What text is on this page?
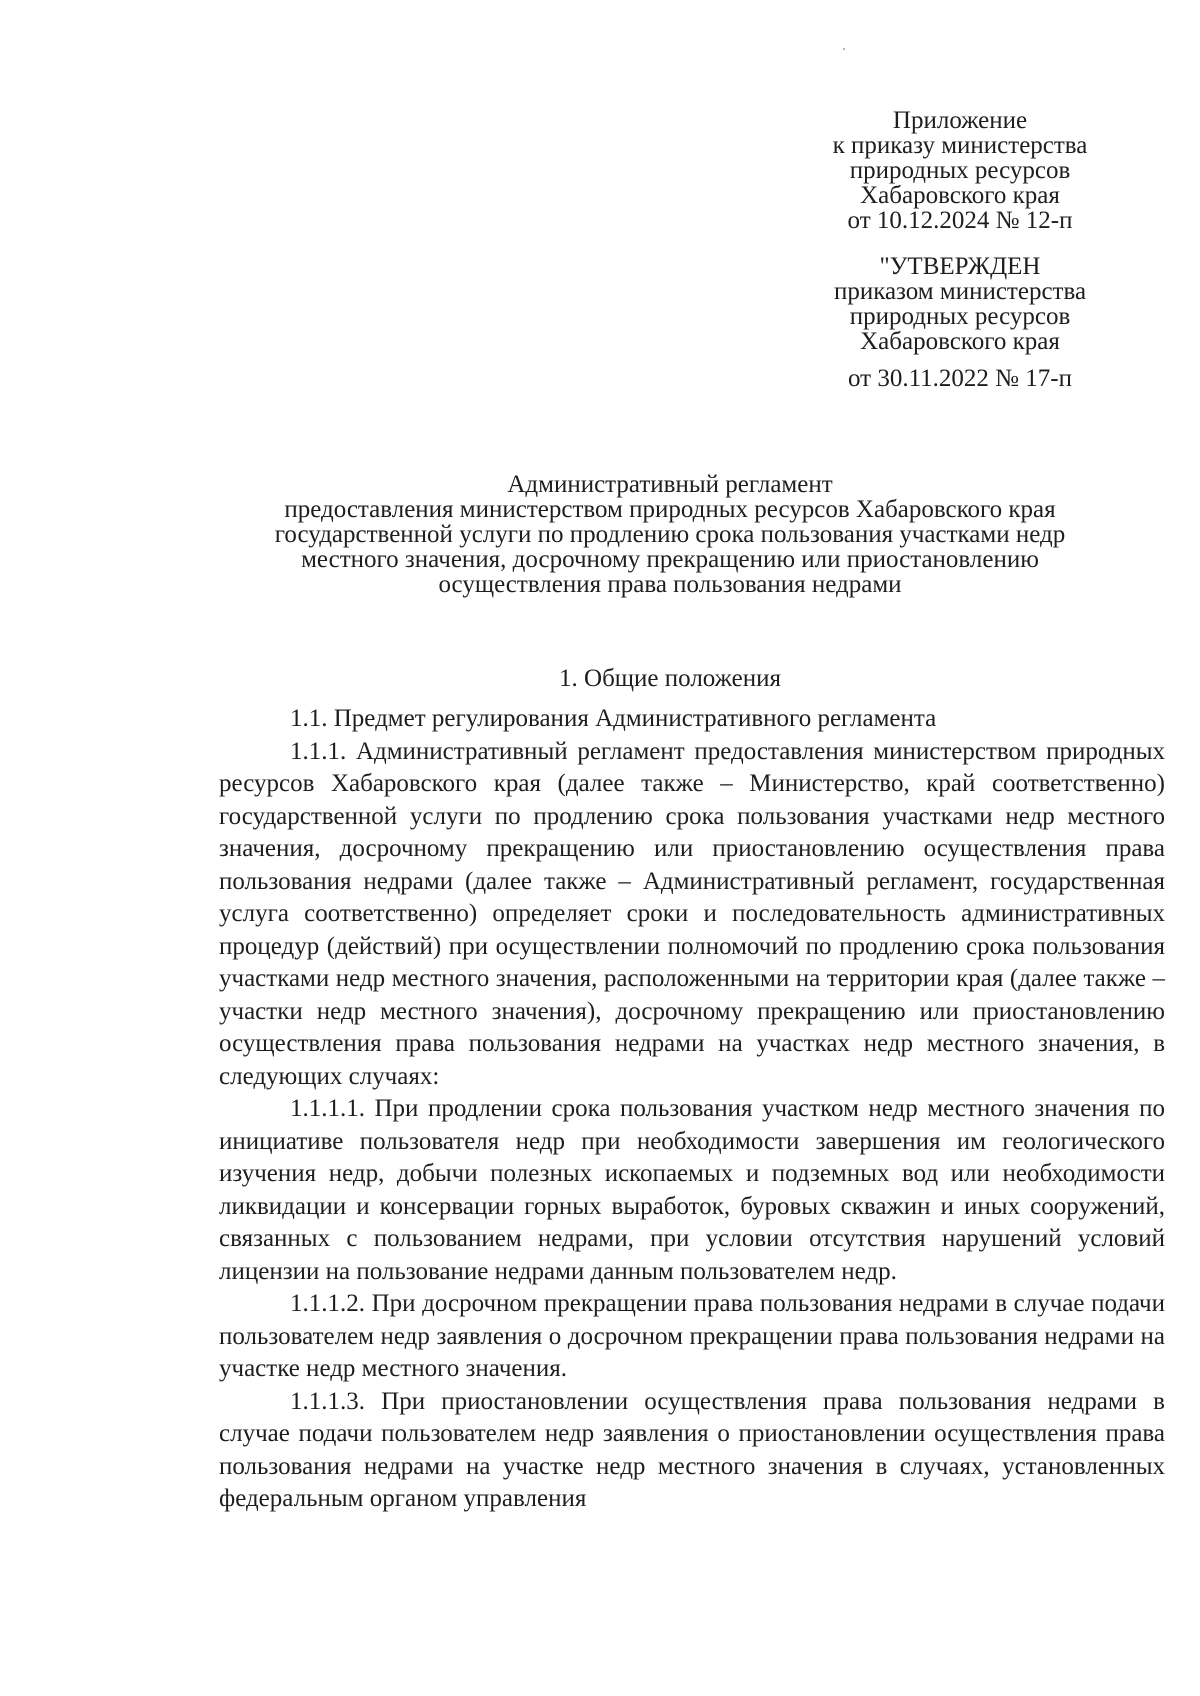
Приложение
к приказу министерства
природных ресурсов
Хабаровского края
от 10.12.2024 № 12-п
"УТВЕРЖДЕН
приказом министерства
природных ресурсов
Хабаровского края
от 30.11.2022 № 17-п
Административный регламент
предоставления министерством природных ресурсов Хабаровского края
государственной услуги по продлению срока пользования участками недр
местного значения, досрочному прекращению или приостановлению
осуществления права пользования недрами
1. Общие положения

1.1. Предмет регулирования Административного регламента

1.1.1. Административный регламент предоставления министерством природных ресурсов Хабаровского края (далее также – Министерство, край соответственно) государственной услуги по продлению срока пользования участками недр местного значения, досрочному прекращению или приостановлению осуществления права пользования недрами (далее также – Административный регламент, государственная услуга соответственно) определяет сроки и последовательность административных процедур (действий) при осуществлении полномочий по продлению срока пользования участками недр местного значения, расположенными на территории края (далее также – участки недр местного значения), досрочному прекращению или приостановлению осуществления права пользования недрами на участках недр местного значения, в следующих случаях:

1.1.1.1. При продлении срока пользования участком недр местного значения по инициативе пользователя недр при необходимости завершения им геологического изучения недр, добычи полезных ископаемых и подземных вод или необходимости ликвидации и консервации горных выработок, буровых скважин и иных сооружений, связанных с пользованием недрами, при условии отсутствия нарушений условий лицензии на пользование недрами данным пользователем недр.

1.1.1.2. При досрочном прекращении права пользования недрами в случае подачи пользователем недр заявления о досрочном прекращении права пользования недрами на участке недр местного значения.

1.1.1.3. При приостановлении осуществления права пользования недрами в случае подачи пользователем недр заявления о приостановлении осуществления права пользования недрами на участке недр местного значения в случаях, установленных федеральным органом управления
